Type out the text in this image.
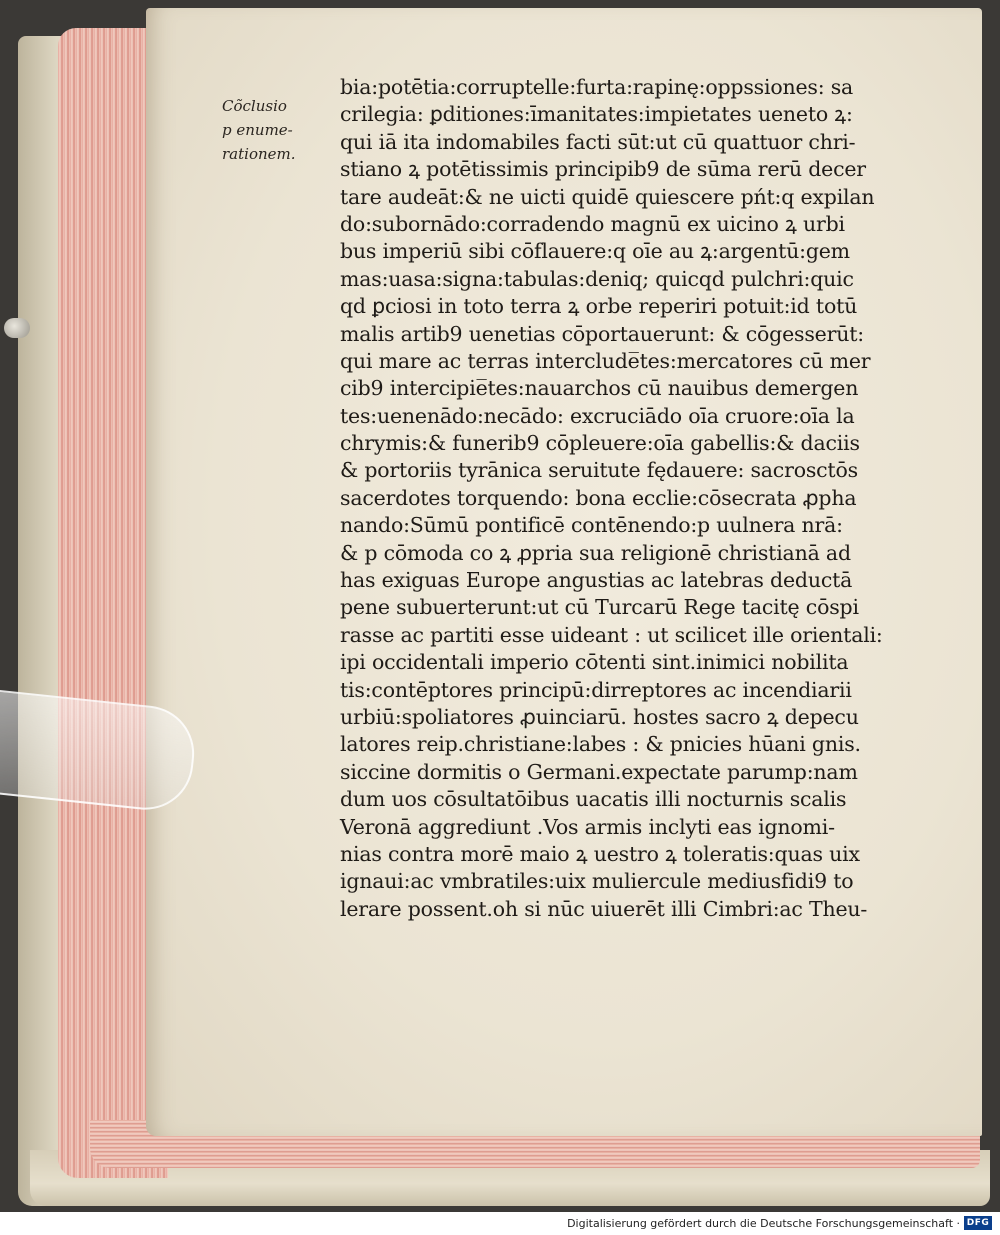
Cõclusio
p enume-
rationem.
bia:potētia:corruptelle:furta:rapinę:oppssiones: sa
crilegia: ꝑditiones:īmanitates:impietates ueneto ꝝ:
qui iā ita indomabiles facti sūt:ut cū quattuor chri-
stiano ꝝ potētissimis principib9 de sūma rerū decer
tare audeāt:& ne uicti quidē quiescere pńt:q expilan
do:subornādo:corradendo magnū ex uicino ꝝ urbi
bus imperiū sibi cōflauere:q oīe au ꝝ:argentū:gem
mas:uasa:signa:tabulas:deniq; quicqd pulchri:quic
qd ꝑciosi in toto terra ꝝ orbe reperiri potuit:id totū
malis artib9 uenetias cōportauerunt: & cōgesserūt:
qui mare ac terras interclude̅tes:mercatores cū mer
cib9 intercipie̅tes:nauarchos cū nauibus demergen
tes:uenenādo:necādo: excruciādo oīa cruore:oīa la
chrymis:& funerib9 cōpleuere:oīa gabellis:& daciis
& portoriis tyrānica seruitute fędauere: sacrosctōs
sacerdotes torquendo: bona ecclie:cōsecrata ꝓpha
nando:Sūmū pontificē contēnendo:p uulnera nrā:
& p cōmoda co ꝝ ꝓpria sua religionē christianā ad
has exiguas Europe angustias ac latebras deductā
pene subuerterunt:ut cū Turcarū Rege tacitę cōspi
rasse ac partiti esse uideant : ut scilicet ille orientali:
ipi occidentali imperio cōtenti sint.inimici nobilita
tis:contēptores principū:dirreptores ac incendiarii
urbiū:spoliatores ꝓuinciarū. hostes sacro ꝝ depecu
latores reip.christiane:labes : & pnicies hūani gnis.
siccine dormitis o Germani.expectate parump:nam
dum uos cōsultatōibus uacatis illi nocturnis scalis
Veronā aggrediunt .Vos armis inclyti eas ignomi-
nias contra morē maio ꝝ uestro ꝝ toleratis:quas uix
ignaui:ac vmbratiles:uix muliercule mediusfidi9 to
lerare possent.oh si nūc uiuerēt illi Cimbri:ac Theu-
Digitalisierung gefördert durch die Deutsche Forschungsgemeinschaft · DFG
